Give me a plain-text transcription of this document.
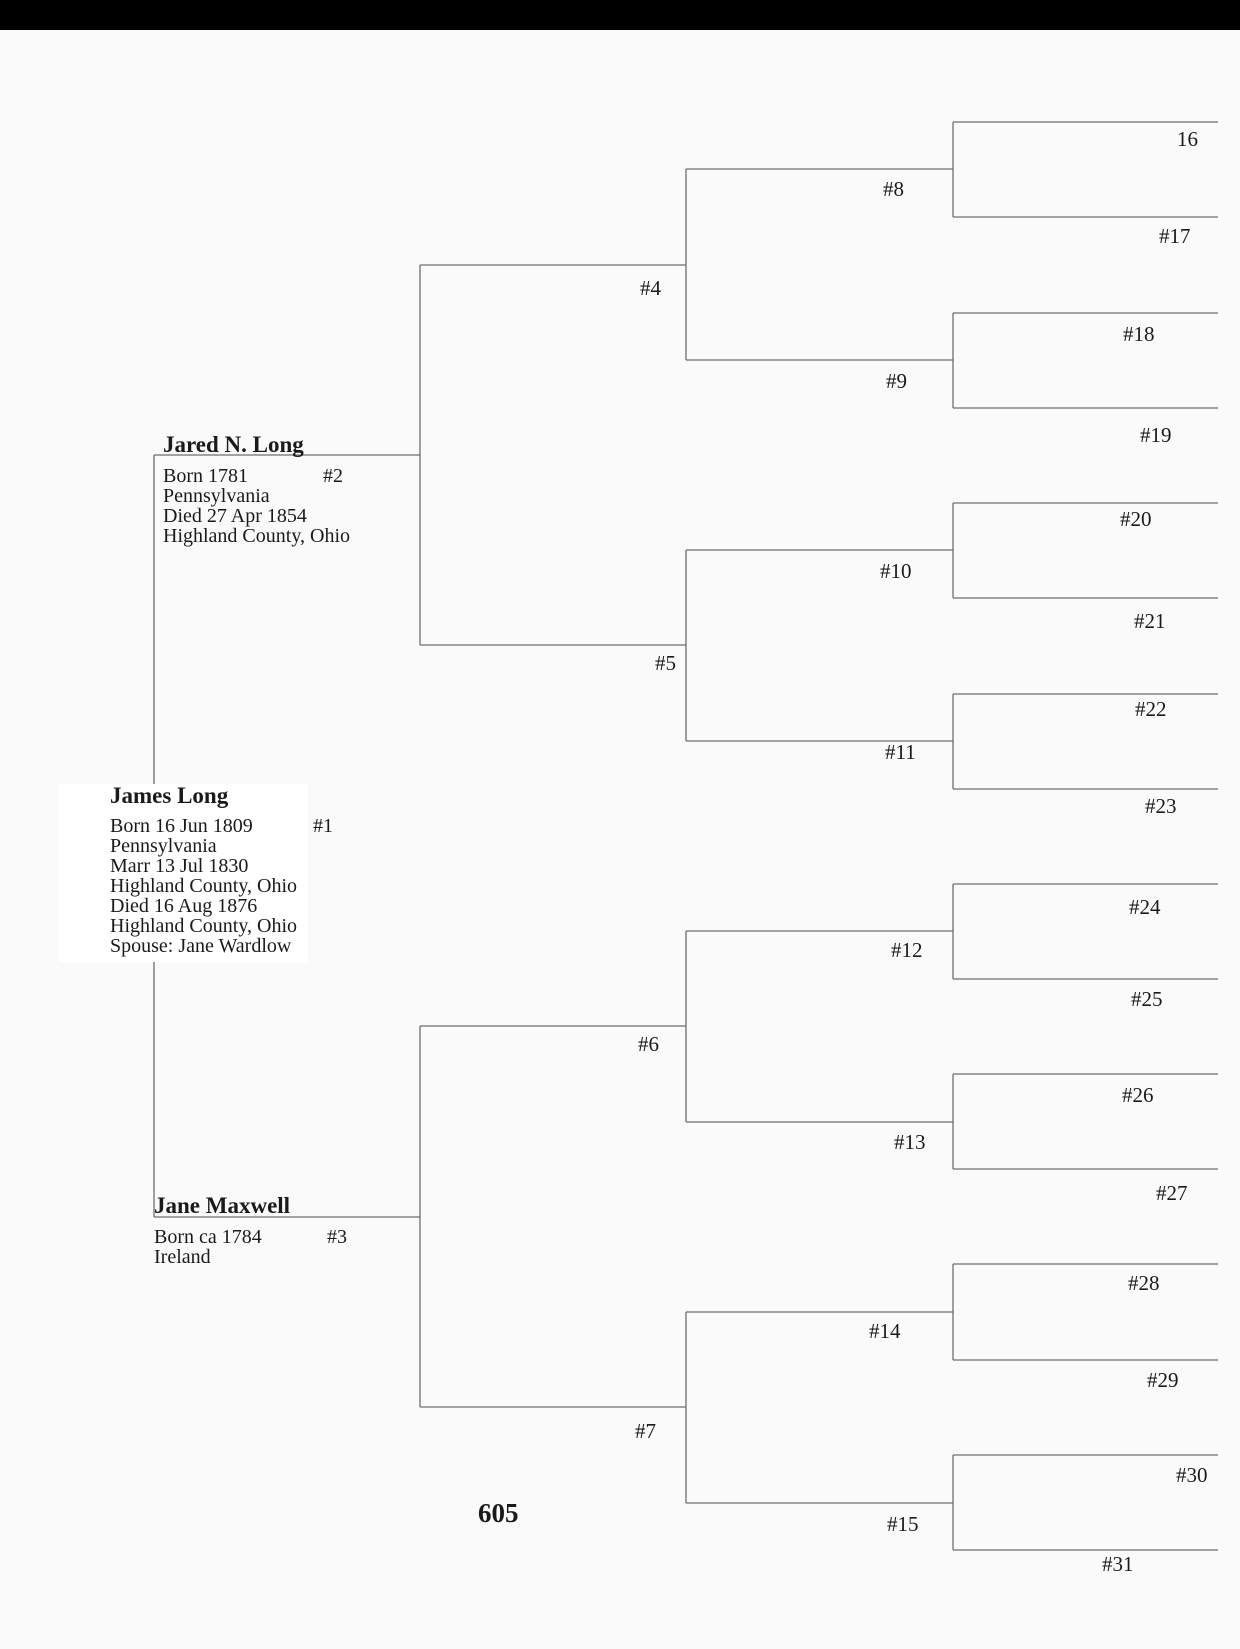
James Long
#1
Born 16 Jun 1809
Pennsylvania
Marr 13 Jul 1830
Highland County, Ohio
Died 16 Aug 1876
Highland County, Ohio
Spouse: Jane Wardlow
Jared N. Long
#2
Born 1781
Pennsylvania
Died 27 Apr 1854
Highland County, Ohio
Jane Maxwell
#3
Born ca 1784
Ireland
#4
#5
#6
#7
#8
#9
#10
#11
#12
#13
#14
#15
16
#17
#18
#19
#20
#21
#22
#23
#24
#25
#26
#27
#28
#29
#30
#31
605
